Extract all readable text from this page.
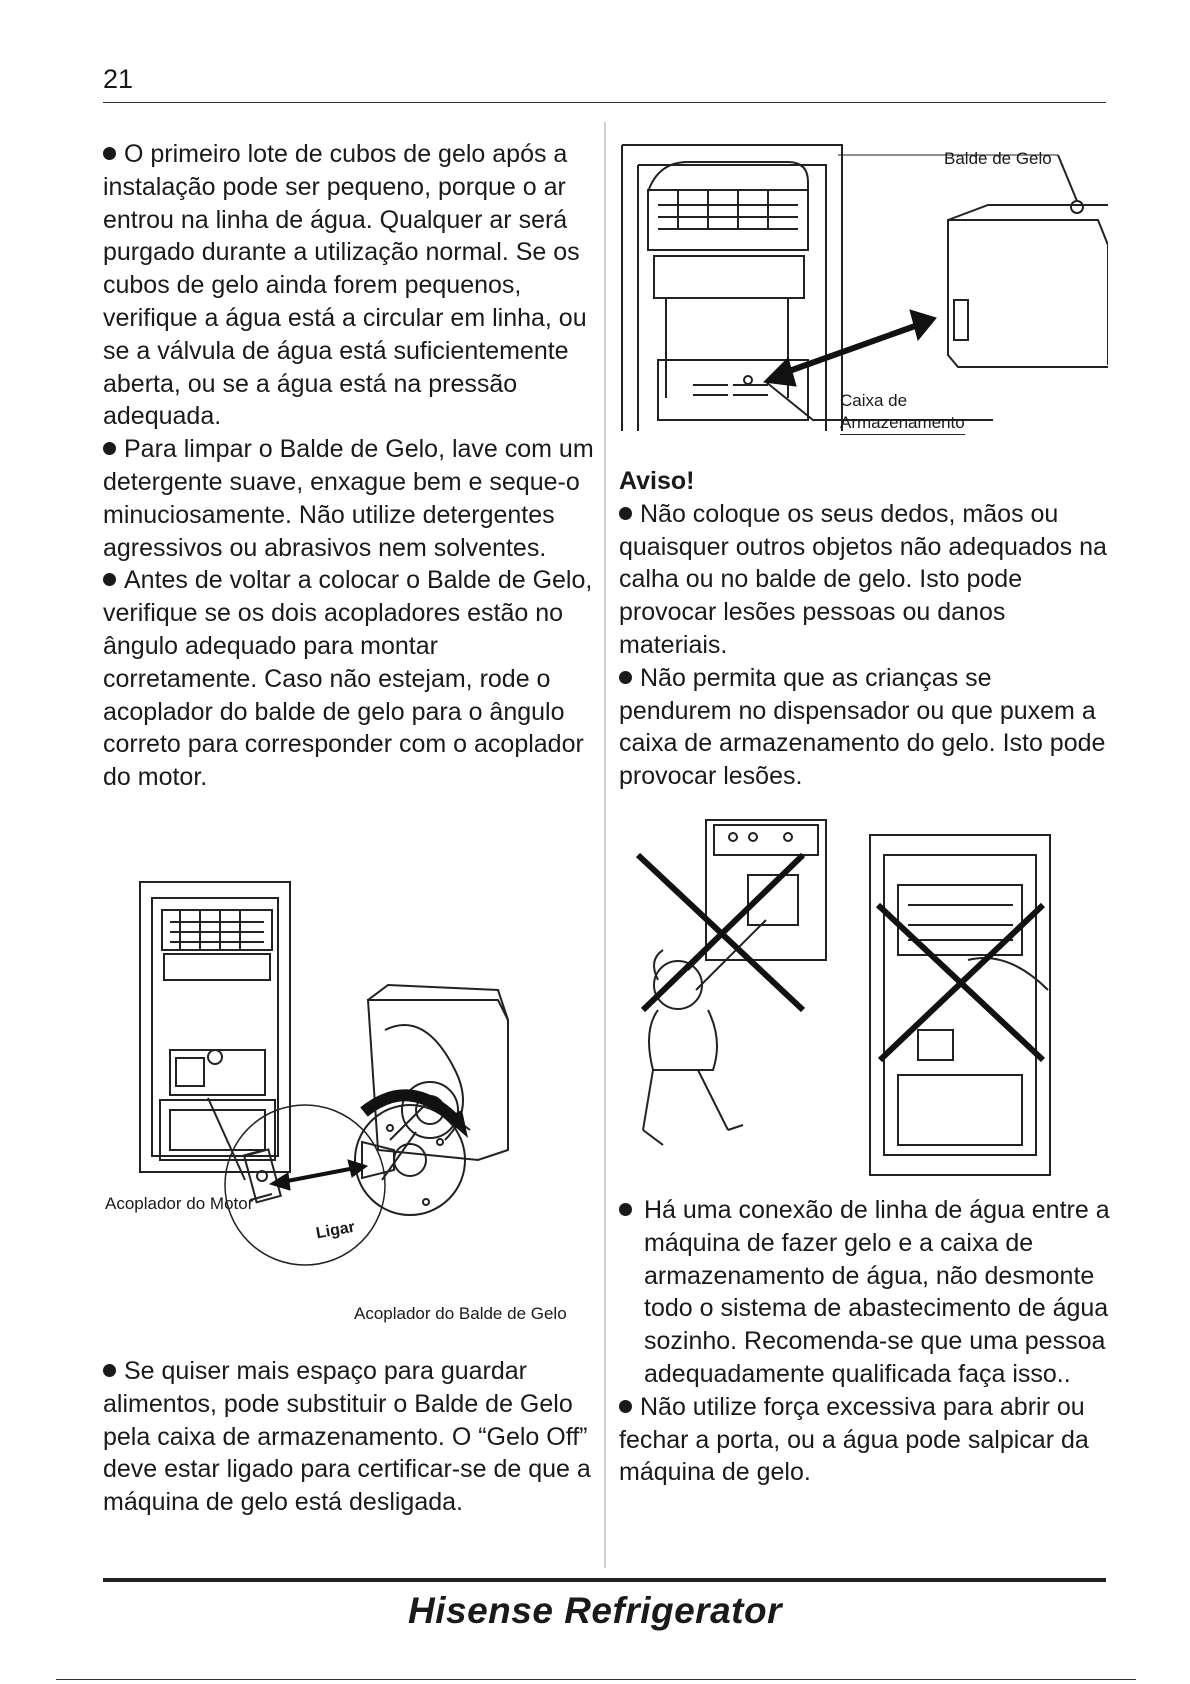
21

O primeiro lote de cubos de gelo após a instalação pode ser pequeno, porque o ar entrou na linha de água. Qualquer ar será purgado durante a utilização normal. Se os cubos de gelo ainda forem pequenos, verifique a água está a circular em linha, ou se a válvula de água está suficientemente aberta, ou se a água está na pressão adequada.

Para limpar o Balde de Gelo, lave com um detergente suave, enxague bem e seque-o minuciosamente. Não utilize detergentes agressivos ou abrasivos nem solventes.

Antes de voltar a colocar o Balde de Gelo, verifique se os dois acopladores estão no ângulo adequado para montar corretamente. Caso não estejam, rode o acoplador do balde de gelo para o ângulo correto para corresponder com o acoplador do motor.

Acoplador do Motor
Ligar
Acoplador do Balde de Gelo

Se quiser mais espaço para guardar alimentos, pode substituir o Balde de Gelo pela caixa de armazenamento. O “Gelo Off” deve estar ligado para certificar-se de que a máquina de gelo está desligada.

Balde de Gelo
Caixa de
Armazenamento

Aviso!

Não coloque os seus dedos, mãos ou quaisquer outros objetos não adequados na calha ou no balde de gelo. Isto pode provocar lesões pessoas ou danos materiais.

Não permita que as crianças se pendurem no dispensador ou que puxem a caixa de armazenamento do gelo. Isto pode provocar lesões.

Há uma conexão de linha de água entre a máquina de fazer gelo e a caixa de armazenamento de água, não desmonte todo o sistema de abastecimento de água sozinho. Recomenda-se que uma pessoa adequadamente qualificada faça isso..

Não utilize força excessiva para abrir ou fechar a porta, ou a água pode salpicar da máquina de gelo.

Hisense Refrigerator
